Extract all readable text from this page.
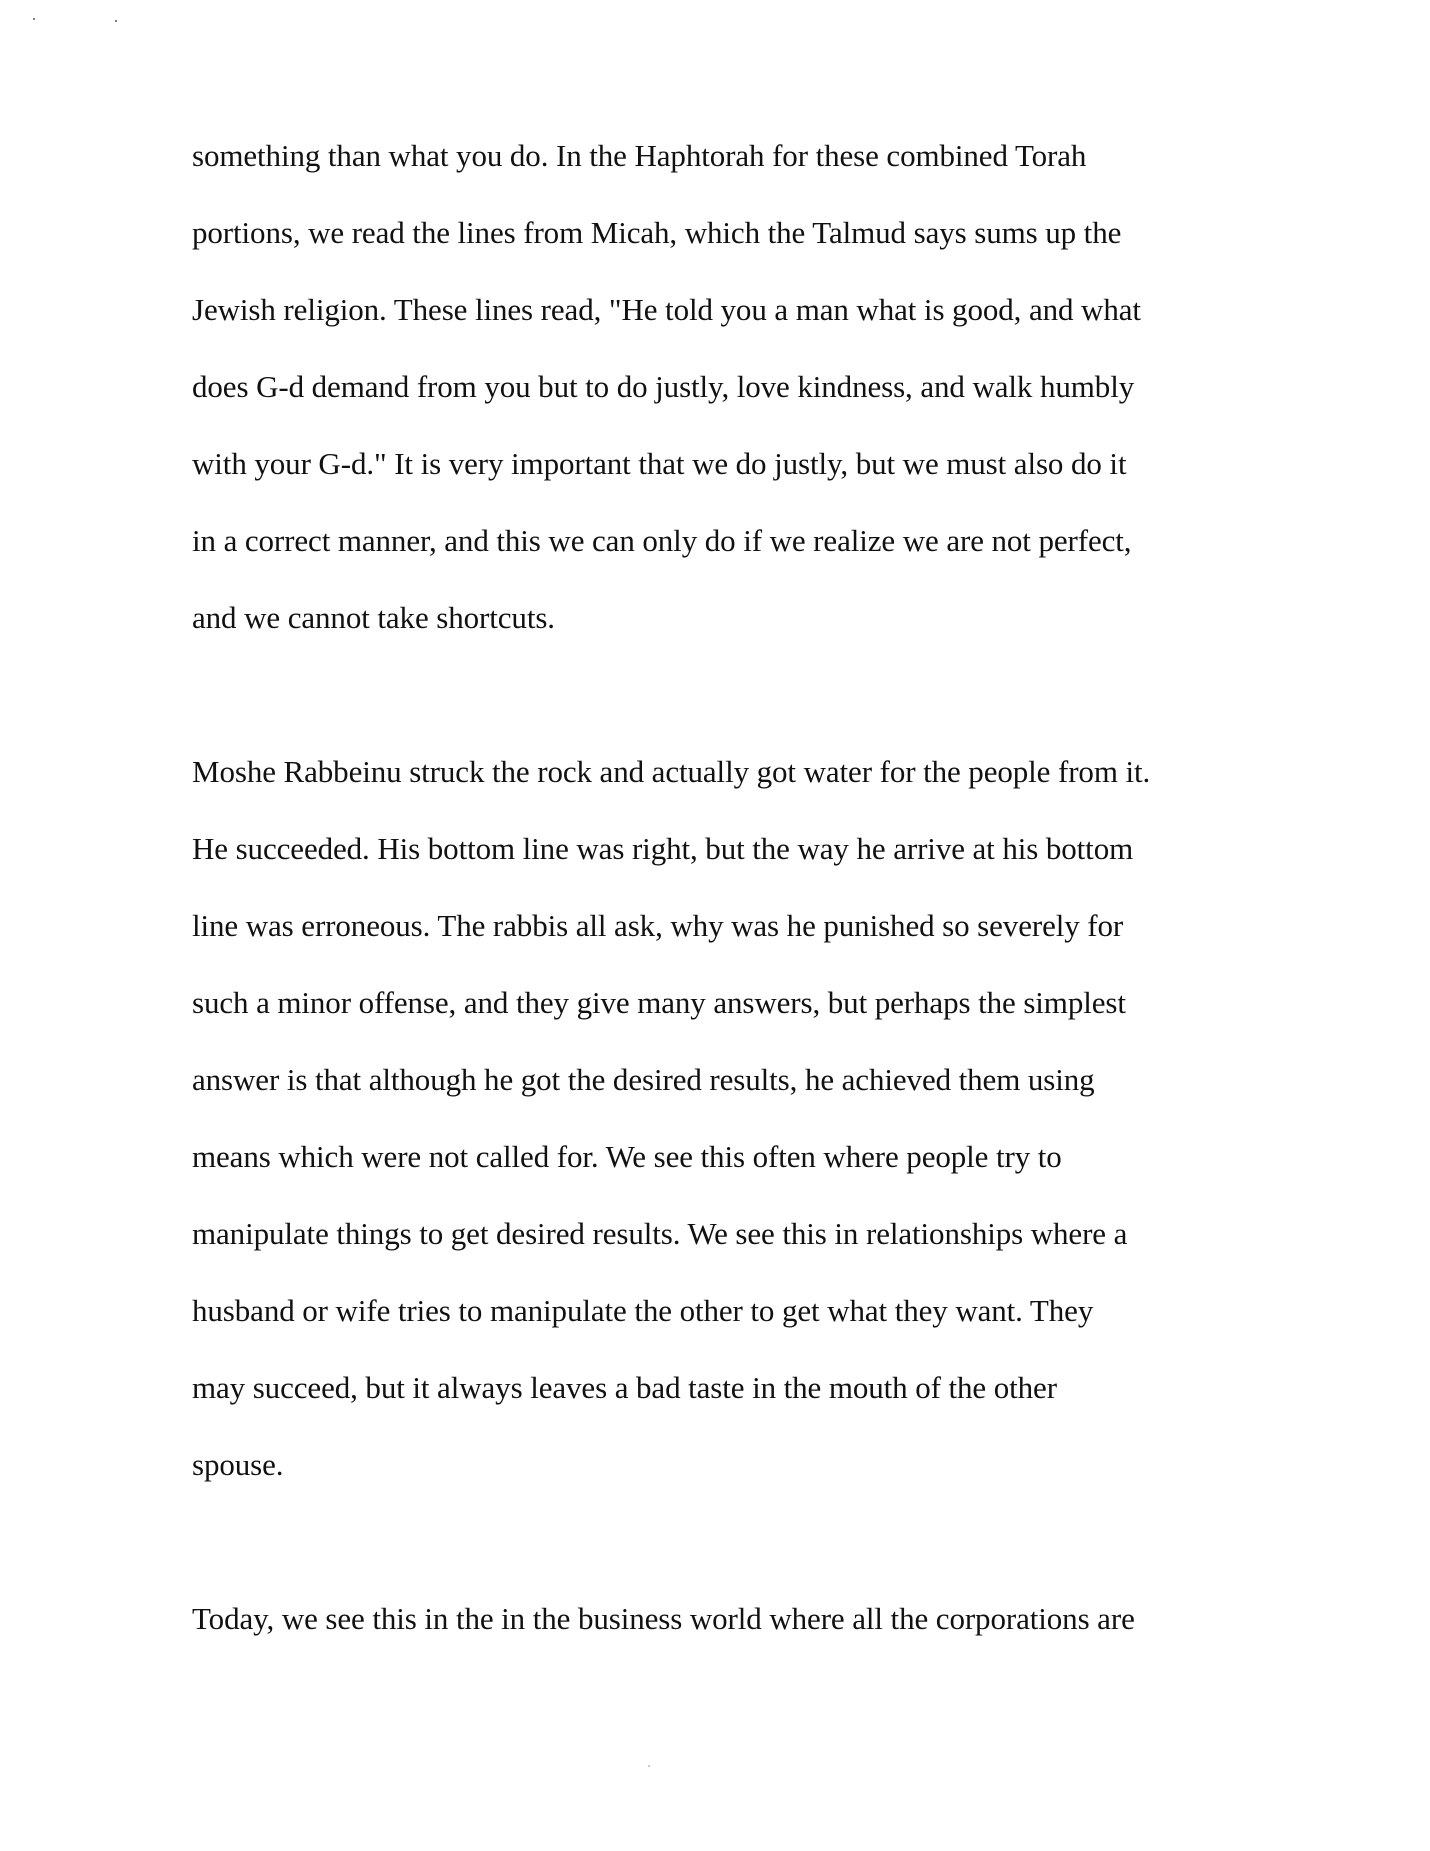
something than what you do. In the Haphtorah for these combined Torah
portions, we read the lines from Micah, which the Talmud says sums up the
Jewish religion. These lines read, "He told you a man what is good, and what
does G-d demand from you but to do justly, love kindness, and walk humbly
with your G-d." It is very important that we do justly, but we must also do it
in a correct manner, and this we can only do if we realize we are not perfect,
and we cannot take shortcuts.
Moshe Rabbeinu struck the rock and actually got water for the people from it.
He succeeded. His bottom line was right, but the way he arrive at his bottom
line was erroneous. The rabbis all ask, why was he punished so severely for
such a minor offense, and they give many answers, but perhaps the simplest
answer is that although he got the desired results, he achieved them using
means which were not called for. We see this often where people try to
manipulate things to get desired results. We see this in relationships where a
husband or wife tries to manipulate the other to get what they want. They
may succeed, but it always leaves a bad taste in the mouth of the other
spouse.
Today, we see this in the in the business world where all the corporations are
